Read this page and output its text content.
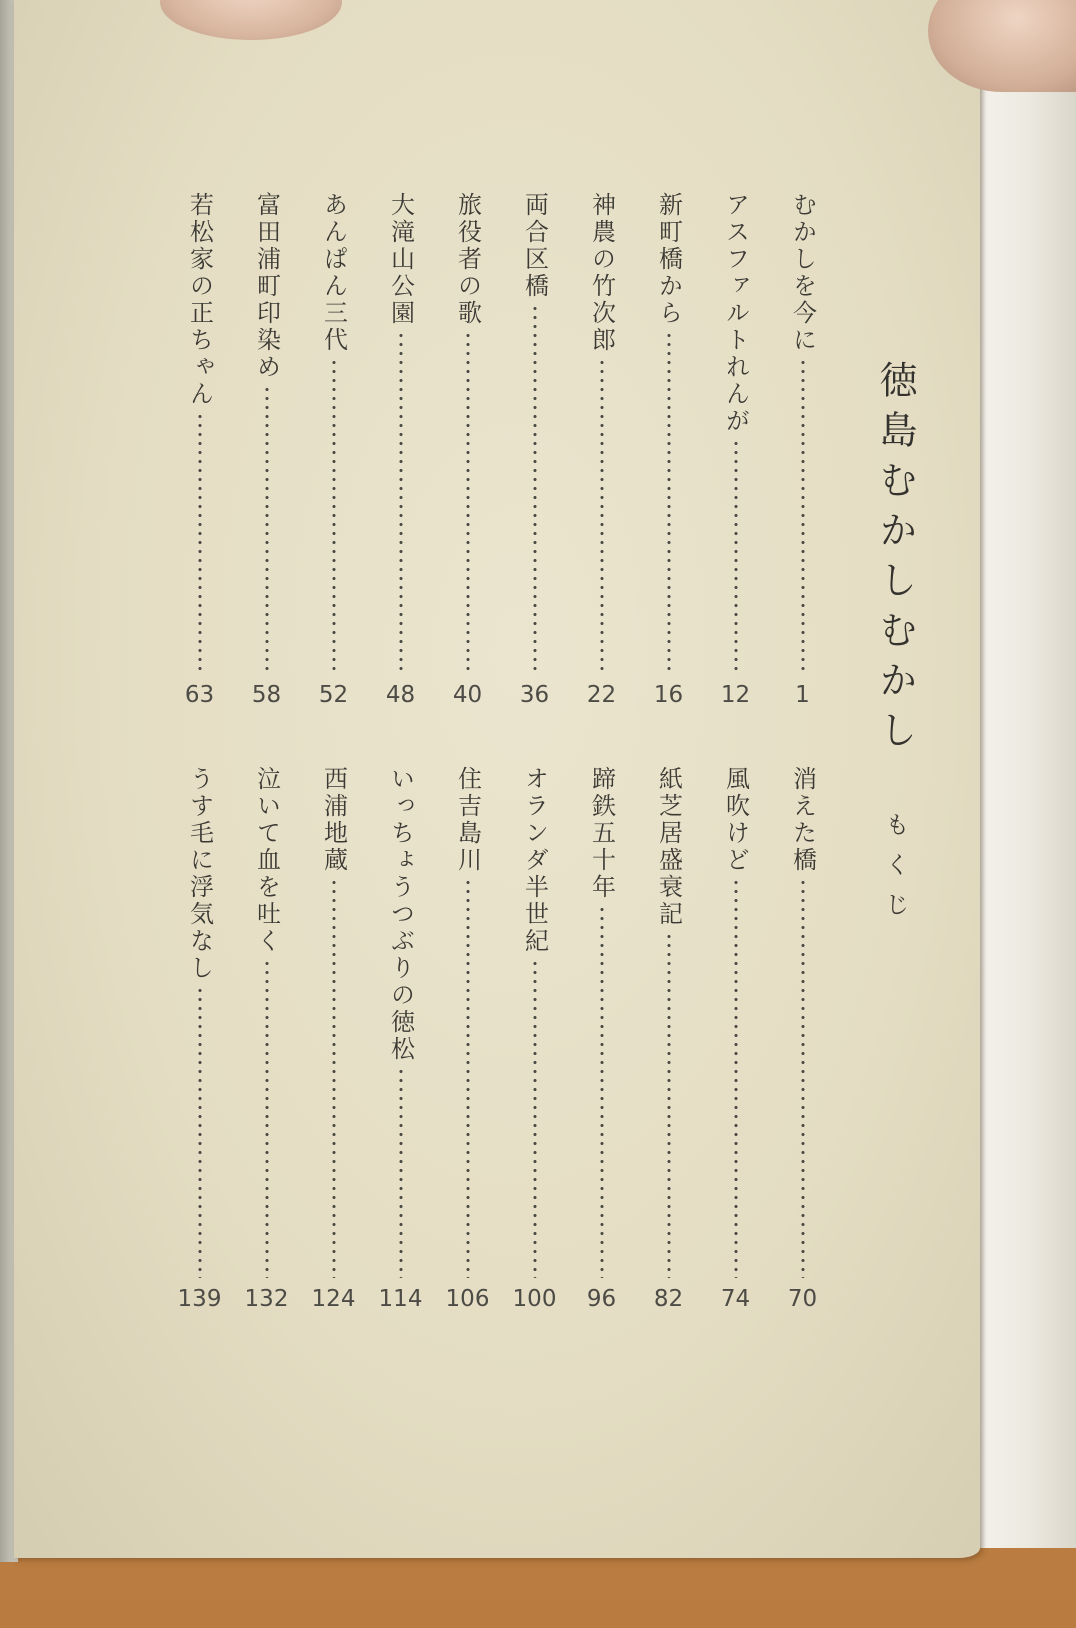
徳島むかしむかし
もくじ
むかしを今に
1
アスファルトれんが
12
新町橋から
16
神農の竹次郎
22
両合区橋
36
旅役者の歌
40
大滝山公園
48
あんぱん三代
52
富田浦町印染め
58
若松家の正ちゃん
63
消えた橋
70
風吹けど
74
紙芝居盛衰記
82
蹄鉄五十年
96
オランダ半世紀
100
住吉島川
106
いっちょうつぶりの徳松
114
西浦地蔵
124
泣いて血を吐く
132
うす毛に浮気なし
139
